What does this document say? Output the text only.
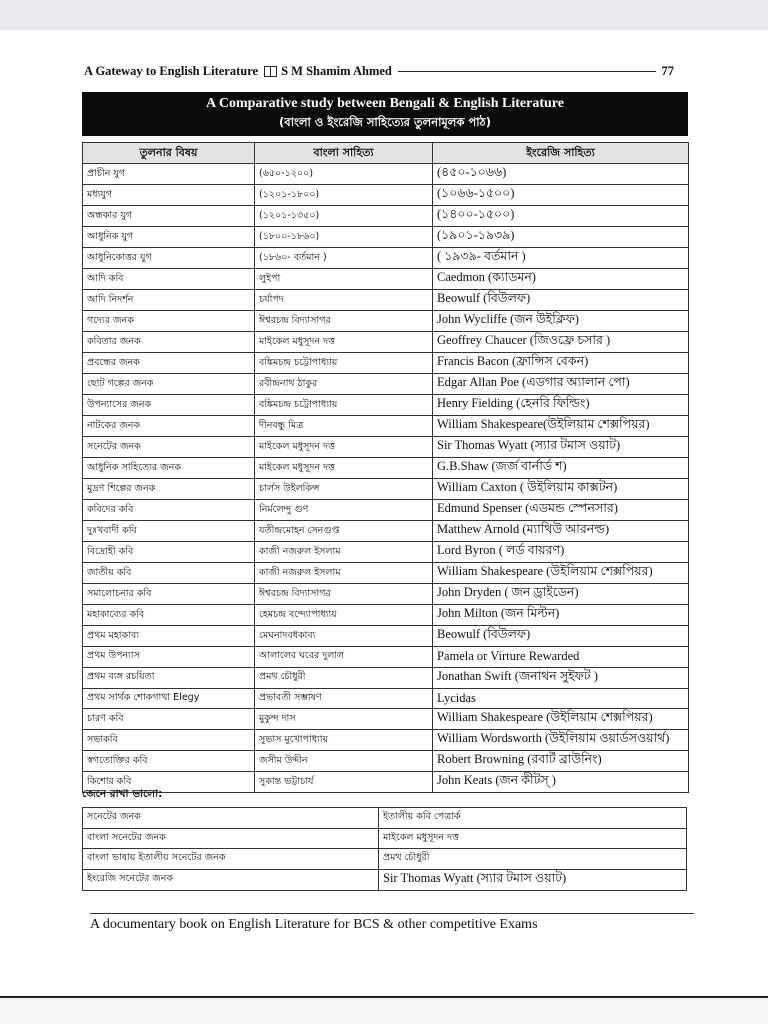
A Gateway to English Literature S M Shamim Ahmed	77
A Comparative study between Bengali & English Literature
(বাংলা ও ইংরেজি সাহিত্যের তুলনামূলক পাঠ)
তুলনার বিষয়	বাংলা সাহিত্য	ইংরেজি সাহিত্য
প্রাচীন যুগ	(৬৫০-১২০০)	(৪৫০-১০৬৬)
মধ্যযুগ	(১২০১-১৮০০)	(১০৬৬-১৫০০)
অন্ধকার যুগ	(১২০১-১৩৫০)	(১৪০০-১৫০০)
আধুনিক যুগ	(১৮০০-১৮৬০)	(১৯০১-১৯৩৯)
আধুনিকোত্তর যুগ	(১৮৬০- বর্তমান )	( ১৯৩৯- বর্তমান )
আদি কবি	লুইপা	Caedmon (ক্যাডমন)
আদি নিদর্শন	চর্যাপদ	Beowulf (বিউলফ)
গদ্যের জনক	ঈশ্বরচন্দ্র বিদ্যাসাগর	John Wycliffe (জন উইক্লিফ)
কবিতার জনক	মাইকেল মধুসূদন দত্ত	Geoffrey Chaucer (জিওফ্রে চসার )
প্রবন্ধের জনক	বঙ্কিমচন্দ্র চট্টোপাধ্যায়	Francis Bacon (ফ্রান্সিস বেকন)
ছোট গল্পের জনক	রবীন্দ্রনাথ ঠাকুর	Edgar Allan Poe (এডগার অ্যালান পো)
উপন্যাসের জনক	বঙ্কিমচন্দ্র চট্টোপাধ্যায়	Henry Fielding (হেনরি ফিল্ডিং)
নাটকের জনক	দীনবন্ধু মিত্র	William Shakespeare(উইলিয়াম শেক্সপিয়র)
সনেটের জনক	মাইকেল মধুসূদন দত্ত	Sir Thomas Wyatt (স্যার টমাস ওয়াট)
আধুনিক সাহিত্যের জনক	মাইকেল মধুসূদন দত্ত	G.B.Shaw (জর্জ বার্নার্ড শ)
মুদ্রণ শিল্পের জনক	চার্লস উইলকিন্স	William Caxton ( উইলিয়াম কাক্সটন)
কবিদের কবি	নির্মলেন্দু গুণ	Edmund Spenser (এডমন্ড স্পেনসার)
দুঃখবাদী কবি	যতীন্দ্রমোহন সেনগুপ্ত	Matthew Arnold (ম্যাথিউ আরনল্ড)
বিদ্রোহী কবি	কাজী নজরুল ইসলাম	Lord Byron ( লর্ড বায়রণ)
জাতীয় কবি	কাজী নজরুল ইসলাম	William Shakespeare (উইলিয়াম শেক্সপিয়র)
সমালোচনার কবি	ঈশ্বরচন্দ্র বিদ্যাসাগর	John Dryden ( জন ড্রাইডেন)
মহাকাব্যের কবি	হেমচন্দ্র বন্দ্যোপাধ্যায়	John Milton (জন মিল্টন)
প্রথম মহাকাব্য	মেঘনাদবধকাব্য	Beowulf (বিউলফ)
প্রথম উপন্যাস	আলালের ঘরের দুলাল	Pamela or Virture Rewarded
প্রথম ব্যঙ্গ রচয়িতা	প্রমথ চৌধুরী	Jonathan Swift (জনাথন সুইফট )
প্রথম সার্থক শোকগাথা Elegy	প্রভাবতী সম্ভাষণ	Lycidas
চারণ কবি	মুকুন্দ দাস	William Shakespeare (উইলিয়াম শেক্সপিয়র)
সভাকবি	সুভাস মুখোপাধ্যায়	William Wordsworth (উইলিয়াম ওয়ার্ডসওয়ার্থ)
স্বগতোক্তির কবি	জসীম উদ্দীন	Robert Browning (রবার্ট ব্রাউনিং)
কিশোর কবি	সুকান্ত ভট্টাচার্য	John Keats (জন কীটস্ )
জেনে রাখা ভালো:
সনেটের জনক	ইতালীয় কবি পেত্রার্ক
বাংলা সনেটের জনক	মাইকেল মধুসূদন দত্ত
বাংলা ভাষায় ইতালীয় সনেটের জনক	প্রমথ চৌধুরী
ইংরেজি সনেটের জনক	Sir Thomas Wyatt (স্যার টমাস ওয়াট)
A documentary book on English Literature for BCS & other competitive Exams
